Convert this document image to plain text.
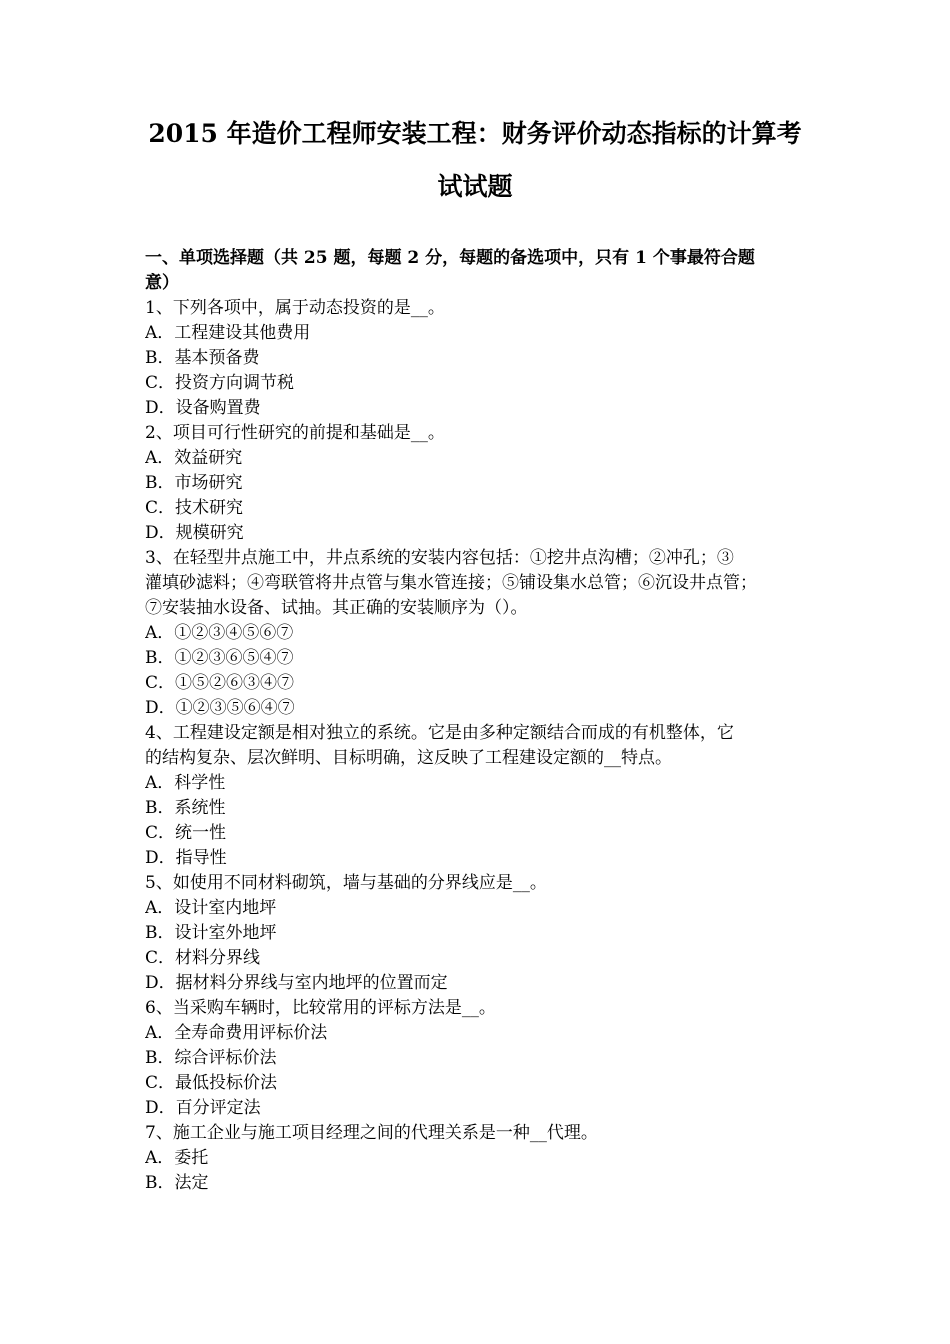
2015 年造价工程师安装工程：财务评价动态指标的计算考
试试题
一、单项选择题（共 25 题，每题 2 分，每题的备选项中，只有 1 个事最符合题
意）
1、下列各项中，属于动态投资的是__。
A．工程建设其他费用
B．基本预备费
C．投资方向调节税
D．设备购置费
2、项目可行性研究的前提和基础是__。
A．效益研究
B．市场研究
C．技术研究
D．规模研究
3、在轻型井点施工中，井点系统的安装内容包括：①挖井点沟槽；②冲孔；③
灌填砂滤料；④弯联管将井点管与集水管连接；⑤铺设集水总管；⑥沉设井点管；
⑦安装抽水设备、试抽。其正确的安装顺序为（）。
A．①②③④⑤⑥⑦
B．①②③⑥⑤④⑦
C．①⑤②⑥③④⑦
D．①②③⑤⑥④⑦
4、工程建设定额是相对独立的系统。它是由多种定额结合而成的有机整体，它
的结构复杂、层次鲜明、目标明确，这反映了工程建设定额的__特点。
A．科学性
B．系统性
C．统一性
D．指导性
5、如使用不同材料砌筑，墙与基础的分界线应是__。
A．设计室内地坪
B．设计室外地坪
C．材料分界线
D．据材料分界线与室内地坪的位置而定
6、当采购车辆时，比较常用的评标方法是__。
A．全寿命费用评标价法
B．综合评标价法
C．最低投标价法
D．百分评定法
7、施工企业与施工项目经理之间的代理关系是一种__代理。
A．委托
B．法定
